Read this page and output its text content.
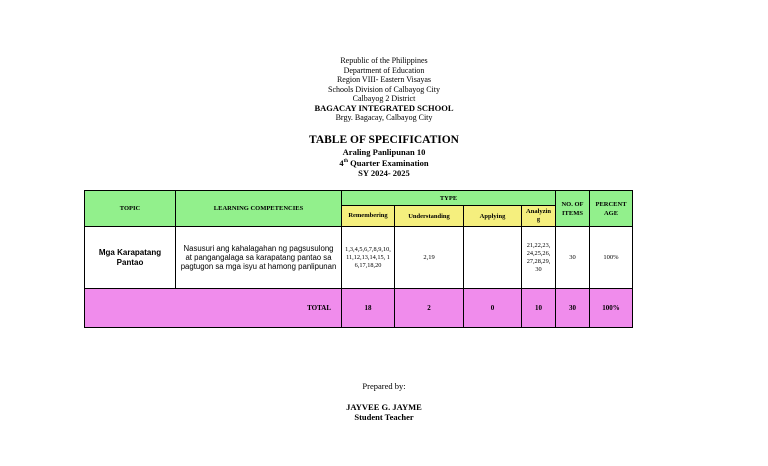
Republic of the Philippines
Department of Education
Region VIII- Eastern Visayas
Schools Division of Calbayog City
Calbayog 2 District
BAGACAY INTEGRATED SCHOOL
Brgy. Bagacay, Calbayog City
TABLE OF SPECIFICATION
Araling Panlipunan 10
4th Quarter Examination
SY 2024- 2025
TOPIC	LEARNING COMPETENCIES	TYPE				NO. OF ITEMS	PERCENTAGE
		Remembering	Understanding	Applying	Analyzing		
Mga Karapatang Pantao	Nasusuri ang kahalagahan ng pagsusulong at pangangalaga sa karapatang pantao sa pagtugon sa mga isyu at hamong panlipunan	1,3,4,5,6,7,8,9,10,11,12,13,14,15, 16,17,18,20	2,19		21,22,23, 24,25,26, 27,28,29, 30	30	100%
TOTAL		18	2	0	10	30	100%
Prepared by:
JAYVEE G. JAYME
Student Teacher
